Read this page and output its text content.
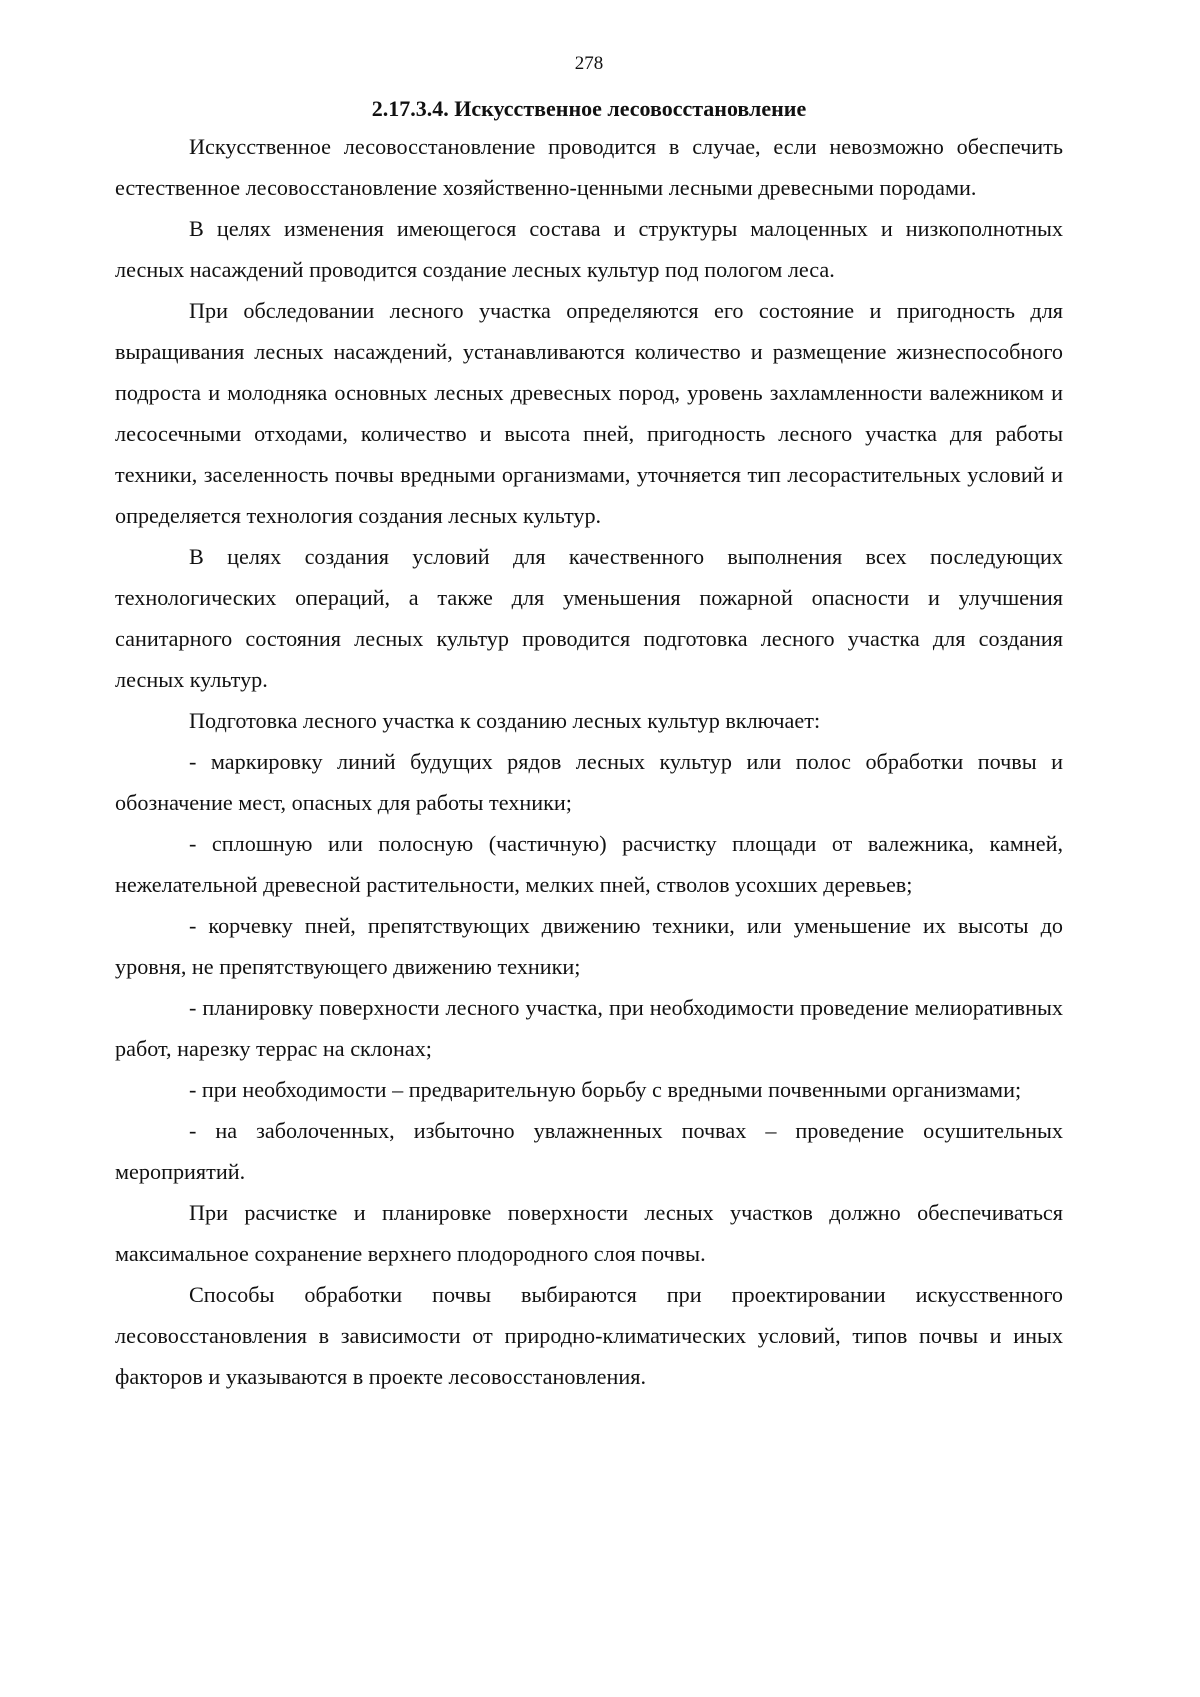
278
2.17.3.4. Искусственное лесовосстановление

Искусственное лесовосстановление проводится в случае, если невозможно обеспечить естественное лесовосстановление хозяйственно-ценными лесными древесными породами.

В целях изменения имеющегося состава и структуры малоценных и низкополнотных лесных насаждений проводится создание лесных культур под пологом леса.

При обследовании лесного участка определяются его состояние и пригодность для выращивания лесных насаждений, устанавливаются количество и размещение жизнеспособного подроста и молодняка основных лесных древесных пород, уровень захламленности валежником и лесосечными отходами, количество и высота пней, пригодность лесного участка для работы техники, заселенность почвы вредными организмами, уточняется тип лесорастительных условий и определяется технология создания лесных культур.

В целях создания условий для качественного выполнения всех последующих технологических операций, а также для уменьшения пожарной опасности и улучшения санитарного состояния лесных культур проводится подготовка лесного участка для создания лесных культур.

Подготовка лесного участка к созданию лесных культур включает:

- маркировку линий будущих рядов лесных культур или полос обработки почвы и обозначение мест, опасных для работы техники;

- сплошную или полосную (частичную) расчистку площади от валежника, камней, нежелательной древесной растительности, мелких пней, стволов усохших деревьев;

- корчевку пней, препятствующих движению техники, или уменьшение их высоты до уровня, не препятствующего движению техники;

- планировку поверхности лесного участка, при необходимости проведение мелиоративных работ, нарезку террас на склонах;

- при необходимости – предварительную борьбу с вредными почвенными организмами;

- на заболоченных, избыточно увлажненных почвах – проведение осушительных мероприятий.

При расчистке и планировке поверхности лесных участков должно обеспечиваться максимальное сохранение верхнего плодородного слоя почвы.

Способы обработки почвы выбираются при проектировании искусственного лесовосстановления в зависимости от природно-климатических условий, типов почвы и иных факторов и указываются в проекте лесовосстановления.
